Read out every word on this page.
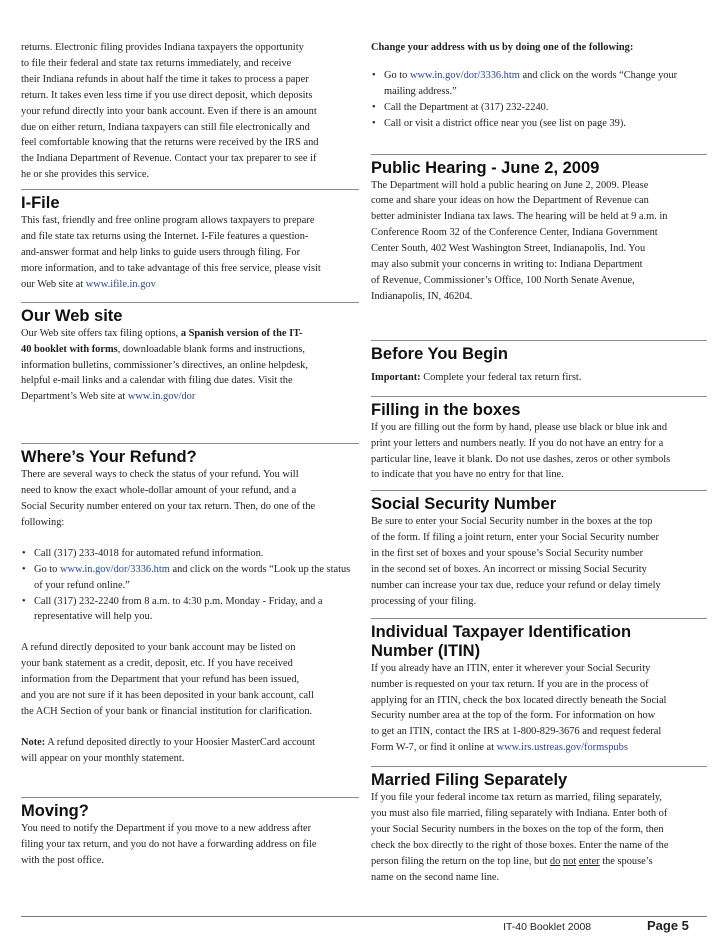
returns. Electronic filing provides Indiana taxpayers the opportunity
to file their federal and state tax returns immediately, and receive
their Indiana refunds in about half the time it takes to process a paper
return. It takes even less time if you use direct deposit, which deposits
your refund directly into your bank account. Even if there is an amount
due on either return, Indiana taxpayers can still file electronically and
feel comfortable knowing that the returns were received by the IRS and
the Indiana Department of Revenue. Contact your tax preparer to see if
he or she provides this service.

I-File

This fast, friendly and free online program allows taxpayers to prepare
and file state tax returns using the Internet. I-File features a question-
and-answer format and help links to guide users through filing. For
more information, and to take advantage of this free service, please visit
our Web site at www.ifile.in.gov

Our Web site

Our Web site offers tax filing options, a Spanish version of the IT-
40 booklet with forms, downloadable blank forms and instructions,
information bulletins, commissioner’s directives, an online helpdesk,
helpful e-mail links and a calendar with filing due dates. Visit the
Department’s Web site at www.in.gov/dor

Where’s Your Refund?

There are several ways to check the status of your refund. You will
need to know the exact whole-dollar amount of your refund, and a
Social Security number entered on your tax return. Then, do one of the
following:

• Call (317) 233-4018 for automated refund information.
• Go to www.in.gov/dor/3336.htm and click on the words “Look up the status of your refund online.”
• Call (317) 232-2240 from 8 a.m. to 4:30 p.m. Monday - Friday, and a representative will help you.

A refund directly deposited to your bank account may be listed on
your bank statement as a credit, deposit, etc. If you have received
information from the Department that your refund has been issued,
and you are not sure if it has been deposited in your bank account, call
the ACH Section of your bank or financial institution for clarification.

Note: A refund deposited directly to your Hoosier MasterCard account
will appear on your monthly statement.

Moving?

You need to notify the Department if you move to a new address after
filing your tax return, and you do not have a forwarding address on file
with the post office.

Change your address with us by doing one of the following:

• Go to www.in.gov/dor/3336.htm and click on the words “Change your mailing address.”
• Call the Department at (317) 232-2240.
• Call or visit a district office near you (see list on page 39).
Public Hearing - June 2, 2009

The Department will hold a public hearing on June 2, 2009. Please
come and share your ideas on how the Department of Revenue can
better administer Indiana tax laws. The hearing will be held at 9 a.m. in
Conference Room 32 of the Conference Center, Indiana Government
Center South, 402 West Washington Street, Indianapolis, Ind. You
may also submit your concerns in writing to: Indiana Department
of Revenue, Commissioner’s Office, 100 North Senate Avenue,
Indianapolis, IN, 46204.

Before You Begin

Important: Complete your federal tax return first.

Filling in the boxes

If you are filling out the form by hand, please use black or blue ink and
print your letters and numbers neatly. If you do not have an entry for a
particular line, leave it blank. Do not use dashes, zeros or other symbols
to indicate that you have no entry for that line.

Social Security Number

Be sure to enter your Social Security number in the boxes at the top
of the form. If filing a joint return, enter your Social Security number
in the first set of boxes and your spouse’s Social Security number
in the second set of boxes. An incorrect or missing Social Security
number can increase your tax due, reduce your refund or delay timely
processing of your filing.

Individual Taxpayer Identification
Number (ITIN)

If you already have an ITIN, enter it wherever your Social Security
number is requested on your tax return. If you are in the process of
applying for an ITIN, check the box located directly beneath the Social
Security number area at the top of the form. For information on how
to get an ITIN, contact the IRS at 1-800-829-3676 and request federal
Form W-7, or find it online at www.irs.ustreas.gov/formspubs

Married Filing Separately

If you file your federal income tax return as married, filing separately,
you must also file married, filing separately with Indiana. Enter both of
your Social Security numbers in the boxes on the top of the form, then
check the box directly to the right of those boxes. Enter the name of the
person filing the return on the top line, but do not enter the spouse’s
name on the second name line.

IT-40 Booklet 2008	Page 5
